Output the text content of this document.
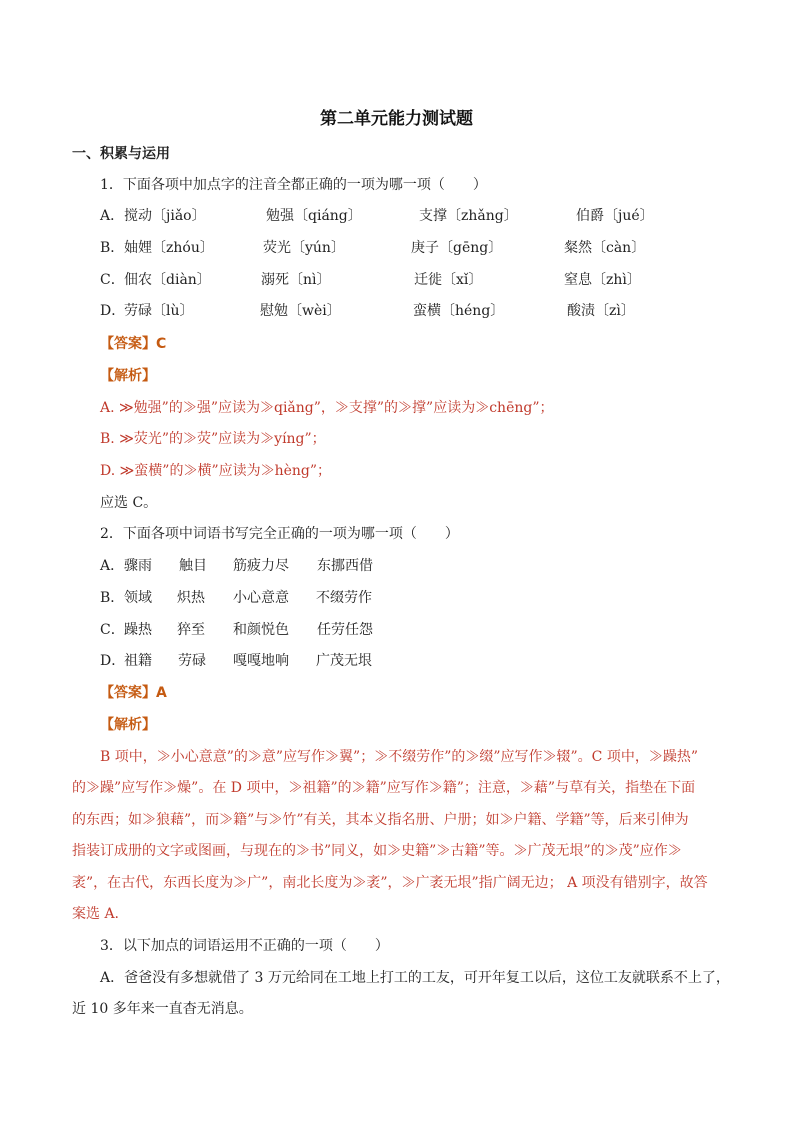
第二单元能力测试题
一、积累与运用
1．下面各项中加点字的注音全都正确的一项为哪一项（　　）
A． 搅动〔jiǎo〕	勉强〔qiáng〕	支撑〔zhǎng〕	伯爵〔jué〕
B． 妯娌〔zhóu〕	荧光〔yún〕	庚子〔gēng〕	粲然〔càn〕
C． 佃农〔diàn〕	溺死〔nì〕	迁徙〔xǐ〕	窒息〔zhì〕
D．
劳碌〔lù〕	慰勉〔wèi〕	蛮横〔héng〕	酸渍〔zì〕
【答案】C
【解析】
A. ≫勉强”的≫强”应读为≫qiǎng”，≫支撑”的≫撑”应读为≫chēng”；
B. ≫荧光”的≫荧”应读为≫yíng”；
D. ≫蛮横”的≫横”应读为≫hèng”；
应选 C。
2．下面各项中词语书写完全正确的一项为哪一项（　　）
A． 骤雨 触目 筋疲力尽 东挪西借
B． 领域 炽热 小心意意 不缀劳作
C． 躁热 猝至 和颜悦色 任劳任怨
D．
祖籍 劳碌 嘎嘎地响 广茂无垠
【答案】A
【解析】
B 项中，≫小心意意”的≫意”应写作≫翼”；≫不缀劳作”的≫缀”应写作≫辍”。C 项中，≫躁热”
的≫躁”应写作≫燥”。在 D 项中，≫祖籍”的≫籍”应写作≫籍”；注意，≫藉”与草有关，指垫在下面
的东西；如≫狼藉”，而≫籍”与≫竹”有关，其本义指名册、户册；如≫户籍、学籍”等，后来引伸为
指装订成册的文字或图画，与现在的≫书”同义，如≫史籍”≫古籍”等。≫广茂无垠”的≫茂”应作≫
袤”，在古代，东西长度为≫广”，南北长度为≫袤”，≫广袤无垠”指广阔无边； A 项没有错别字，故答
案选 A.
3．以下加点的词语运用不正确的一项（　　）
A．爸爸没有多想就借了 3 万元给同在工地上打工的工友，可开年复工以后，这位工友就联系不上了，
近 10 多年来一直杳无消息。
